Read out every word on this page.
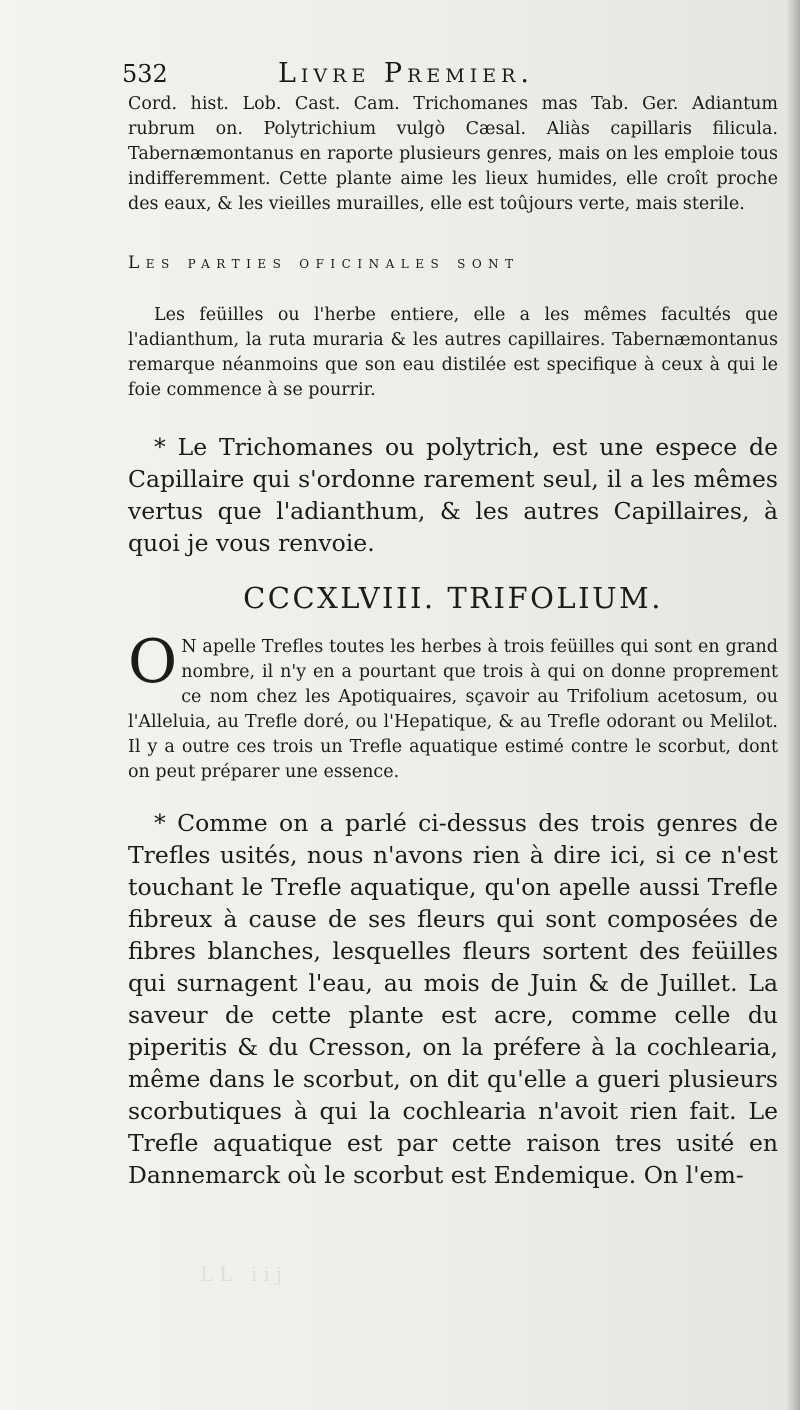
532	Livre Premier.

Cord. hist. Lob. Cast. Cam. Trichomanes mas Tab. Ger. Adiantum rubrum on. Polytrichium vulgò Cæsal. Aliàs capillaris filicula. Tabernæmontanus en raporte plusieurs genres, mais on les emploie tous indifferemment. Cette plante aime les lieux humides, elle croît proche des eaux, & les vieilles murailles, elle est toûjours verte, mais sterile.

Les parties oficinales sont

Les feüilles ou l'herbe entiere, elle a les mêmes facultés que l'adianthum, la ruta muraria & les autres capillaires. Tabernæmontanus remarque néanmoins que son eau distilée est specifique à ceux à qui le foie commence à se pourrir.

* Le Trichomanes ou polytrich, est une espece de Capillaire qui s'ordonne rarement seul, il a les mêmes vertus que l'adianthum, & les autres Capillaires, à quoi je vous renvoie.

CCCXLVIII. TRIFOLIUM.

O N apelle Trefles toutes les herbes à trois feüilles qui sont en grand nombre, il n'y en a pourtant que trois à qui on donne proprement ce nom chez les Apotiquaires, sçavoir au Trifolium acetosum, ou l'Alleluia, au Trefle doré, ou l'Hepatique, & au Trefle odorant ou Melilot. Il y a outre ces trois un Trefle aquatique estimé contre le scorbut, dont on peut préparer une essence.

* Comme on a parlé ci-dessus des trois genres de Trefles usités, nous n'avons rien à dire ici, si ce n'est touchant le Trefle aquatique, qu'on apelle aussi Trefle fibreux à cause de ses fleurs qui sont composées de fibres blanches, lesquelles fleurs sortent des feüilles qui surnagent l'eau, au mois de Juin & de Juillet. La saveur de cette plante est acre, comme celle du piperitis & du Cresson, on la préfere à la cochlearia, même dans le scorbut, on dit qu'elle a gueri plusieurs scorbutiques à qui la cochlearia n'avoit rien fait. Le Trefle aquatique est par cette raison tres usité en Dannemarck où le scorbut est Endemique. On l'em-

LL iij
